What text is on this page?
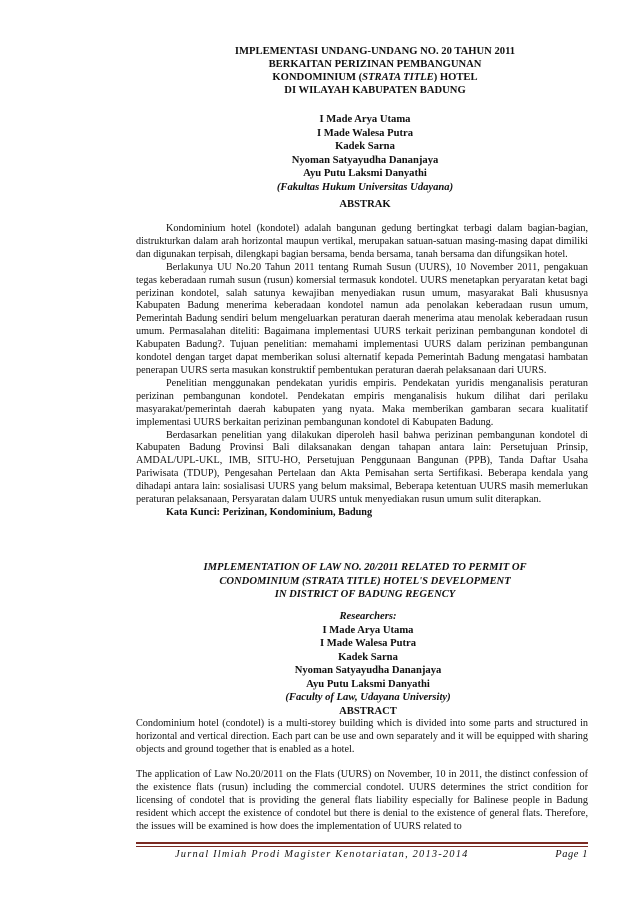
IMPLEMENTASI UNDANG-UNDANG NO. 20 TAHUN 2011
BERKAITAN PERIZINAN PEMBANGUNAN
KONDOMINIUM (STRATA TITLE) HOTEL
DI WILAYAH KABUPATEN BADUNG
I Made Arya Utama
I Made Walesa Putra
Kadek Sarna
Nyoman Satyayudha Dananjaya
Ayu Putu Laksmi Danyathi
(Fakultas Hukum Universitas Udayana)
ABSTRAK

Kondominium hotel (kondotel) adalah bangunan gedung bertingkat terbagi dalam bagian-bagian, distrukturkan dalam arah horizontal maupun vertikal, merupakan satuan-satuan masing-masing dapat dimiliki dan digunakan terpisah, dilengkapi bagian bersama, benda bersama, tanah bersama dan difungsikan hotel.

Berlakunya UU No.20 Tahun 2011 tentang Rumah Susun (UURS), 10 November 2011, pengakuan tegas keberadaan rumah susun (rusun) komersial termasuk kondotel. UURS menetapkan peryaratan ketat bagi perizinan kondotel, salah satunya kewajiban menyediakan rusun umum, masyarakat Bali khususnya Kabupaten Badung menerima keberadaan kondotel namun ada penolakan keberadaan rusun umum, Pemerintah Badung sendiri belum mengeluarkan peraturan daerah menerima atau menolak keberadaan rusun umum. Permasalahan diteliti: Bagaimana implementasi UURS terkait perizinan pembangunan kondotel di Kabupaten Badung?. Tujuan penelitian: memahami implementasi UURS dalam perizinan pembangunan kondotel dengan target dapat memberikan solusi alternatif kepada Pemerintah Badung mengatasi hambatan penerapan UURS serta masukan konstruktif pembentukan peraturan daerah pelaksanaan dari UURS.

Penelitian menggunakan pendekatan yuridis empiris. Pendekatan yuridis menganalisis peraturan perizinan pembangunan kondotel. Pendekatan empiris menganalisis hukum dilihat dari perilaku masyarakat/pemerintah daerah kabupaten yang nyata. Maka memberikan gambaran secara kualitatif implementasi UURS berkaitan perizinan pembangunan kondotel di Kabupaten Badung.

Berdasarkan penelitian yang dilakukan diperoleh hasil bahwa perizinan pembangunan kondotel di Kabupaten Badung Provinsi Bali dilaksanakan dengan tahapan antara lain: Persetujuan Prinsip, AMDAL/UPL-UKL, IMB, SITU-HO, Persetujuan Penggunaan Bangunan (PPB), Tanda Daftar Usaha Pariwisata (TDUP), Pengesahan Pertelaan dan Akta Pemisahan serta Sertifikasi. Beberapa kendala yang dihadapi antara lain: sosialisasi UURS yang belum maksimal, Beberapa ketentuan UURS masih memerlukan peraturan pelaksanaan, Persyaratan dalam UURS untuk menyediakan rusun umum sulit diterapkan.

Kata Kunci: Perizinan, Kondominium, Badung

IMPLEMENTATION OF LAW NO. 20/2011 RELATED TO PERMIT OF
CONDOMINIUM (STRATA TITLE) HOTEL'S DEVELOPMENT
IN DISTRICT OF BADUNG REGENCY
Researchers:
I Made Arya Utama
I Made Walesa Putra
Kadek Sarna
Nyoman Satyayudha Dananjaya
Ayu Putu Laksmi Danyathi
(Faculty of Law, Udayana University)
ABSTRACT

Condominium hotel (condotel) is a multi-storey building which is divided into some parts and structured in horizontal and vertical direction. Each part can be use and own separately and it will be equipped with sharing objects and ground together that is enabled as a hotel.

The application of Law No.20/2011 on the Flats (UURS) on November, 10 in 2011, the distinct confession of the existence flats (rusun) including the commercial condotel. UURS determines the strict condition for licensing of condotel that is providing the general flats liability especially for Balinese people in Badung resident which accept the existence of condotel but there is denial to the existence of general flats. Therefore, the issues will be examined is how does the implementation of UURS related to

Jurnal Ilmiah Prodi Magister Kenotariatan, 2013-2014	Page 1
